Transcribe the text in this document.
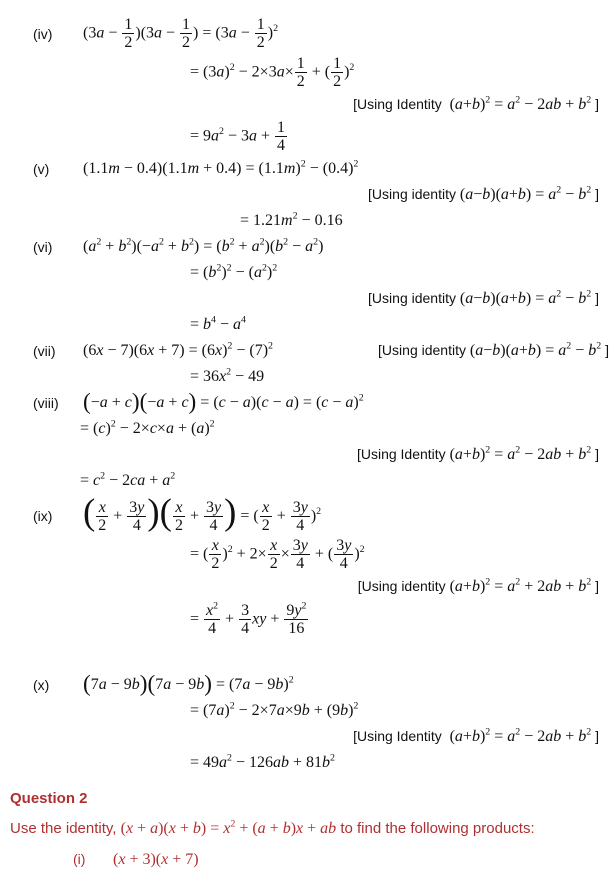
(iv) $(3a - \frac{1}{2} )(3a - \frac{1}{2}$ ) = $(3a - \frac{1}{2} )^2$
= $(3a)^2 - 2\times 3a\times \frac{1}{2}$ + ( $\frac{1}{2} )^2$
[Using Identity  $(a+b)^2 = a^2 - 2ab + b^2$ ]
= $9a^2 - 3a + \frac{1}{4}$
(v) $(1.1m - 0.4)(1.1m + 0.4) = (1.1m)^2 - (0.4)^2$
[Using identity $(a-b)(a+b) = a^2 - b^2$ ]
= $1.21m^2 - 0.16$
(vi) $(a^2 + b^2)(-a^2 + b^2) = (b^2 + a^2)(b^2 - a^2)$
= $(b^2)^2 - (a^2)^2$
[Using identity $(a-b)(a+b) = a^2 - b^2$ ]
= $b^4 - a^4$
(vii) $(6x - 7)(6x + 7) = (6x)^2 - (7)^2$	[Using identity $(a-b)(a+b) = a^2 - b^2$ ]
= $36x^2 - 49$
(viii) $(-a + c)(-a + c) = (c - a)(c - a) = (c - a)^2$
= $(c)^2 - 2\times c\times a + (a)^2$
[Using Identity $(a+b)^2 = a^2 - 2ab + b^2$ ]
= $c^2 - 2ca + a^2$
(ix) ( $\frac{x}{2} + \frac{3y}{4}$ )( $\frac{x}{2} + \frac{3y}{4}$ ) = ( $\frac{x}{2} + \frac{3y}{4} )^2$
= ( $\frac{x}{2} )^2 + 2\times \frac{x}{2} \times \frac{3y}{4}$ + ( $\frac{3y}{4} )^2$
[Using identity $(a+b)^2 = a^2 + 2ab + b^2$ ]
= $\frac{x^2}{4} + \frac{3}{4}$ xy + $\frac{9y^2}{16}$
(x) $(7a - 9b)(7a - 9b) = (7a - 9b)^2$
= $(7a)^2 - 2\times 7a\times 9b + (9b)^2$
[Using Identity  $(a+b)^2 = a^2 - 2ab + b^2$ ]
= $49a^2 - 126ab + 81b^2$
Question 2
Use the identity, $(x + a)(x + b) = x^2 + (a + b)x$ + ab to find the following products:
(i) (x + 3)(x + 7)
